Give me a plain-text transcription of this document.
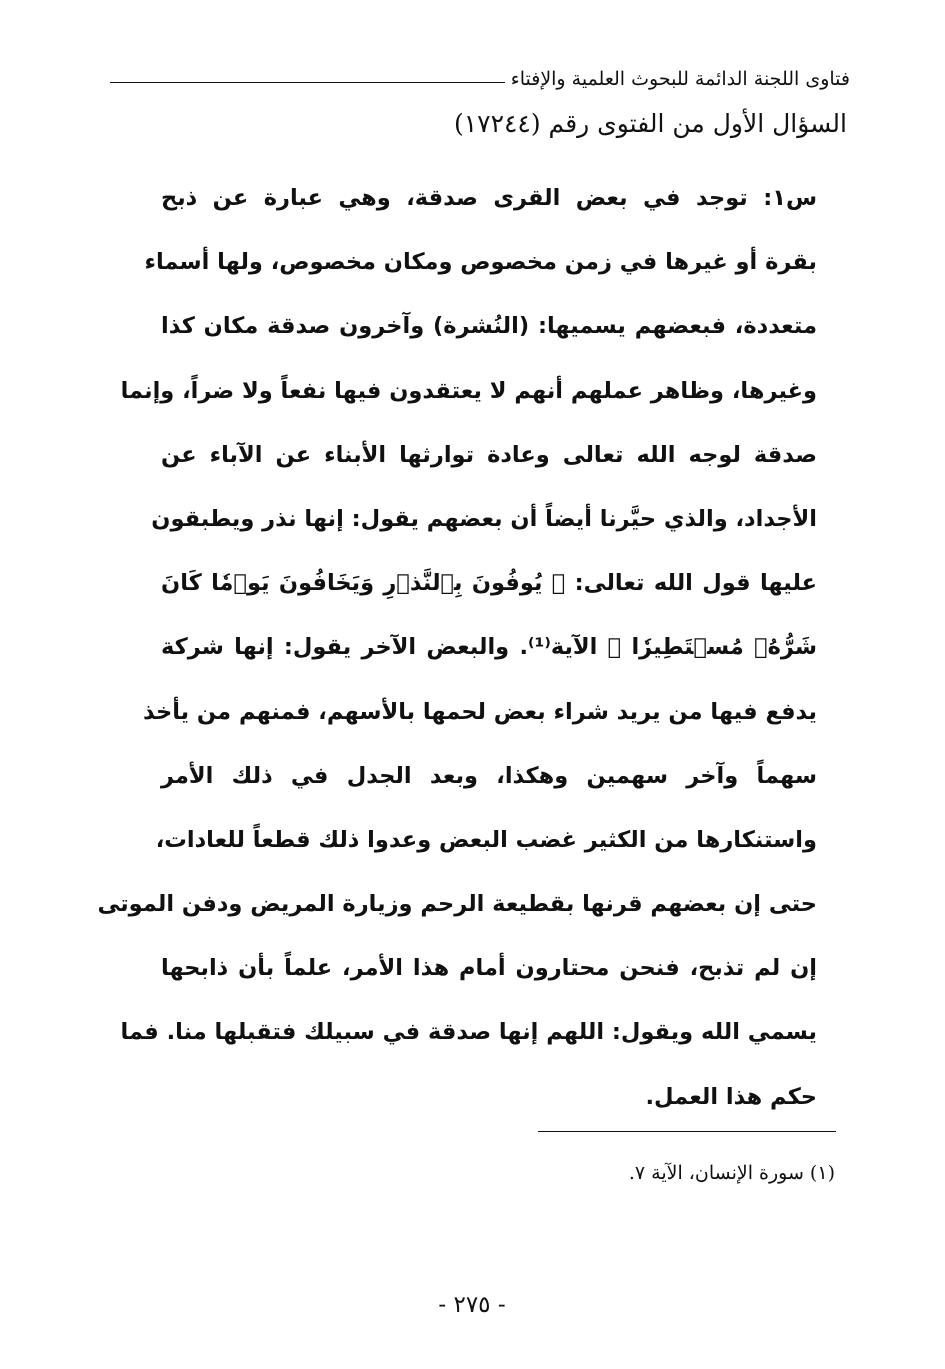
فتاوى اللجنة الدائمة للبحوث العلمية والإفتاء
السؤال الأول من الفتوى رقم (١٧٢٤٤)
س١: توجد في بعض القرى صدقة، وهي عبارة عن ذبح
بقرة أو غيرها في زمن مخصوص ومكان مخصوص، ولها أسماء
متعددة، فبعضهم يسميها: (النُشرة) وآخرون صدقة مكان كذا
وغيرها، وظاهر عملهم أنهم لا يعتقدون فيها نفعاً ولا ضراً، وإنما
صدقة لوجه الله تعالى وعادة توارثها الأبناء عن الآباء عن
الأجداد، والذي حيَّرنا أيضاً أن بعضهم يقول: إنها نذر ويطبقون
عليها قول الله تعالى: ﴿ يُوفُونَ بِٱلنَّذۡرِ وَيَخَافُونَ يَوۡمٗا كَانَ
شَرُّهُۥ مُسۡتَطِيرٗا ﴾ الآية⁽¹⁾. والبعض الآخر يقول: إنها شركة
يدفع فيها من يريد شراء بعض لحمها بالأسهم، فمنهم من يأخذ
سهماً وآخر سهمين وهكذا، وبعد الجدل في ذلك الأمر
واستنكارها من الكثير غضب البعض وعدوا ذلك قطعاً للعادات،
حتى إن بعضهم قرنها بقطيعة الرحم وزيارة المريض ودفن الموتى
إن لم تذبح، فنحن محتارون أمام هذا الأمر، علماً بأن ذابحها
يسمي الله ويقول: اللهم إنها صدقة في سبيلك فتقبلها منا. فما
حكم هذا العمل.
(١) سورة الإنسان، الآية ٧.
- ٢٧٥ -
